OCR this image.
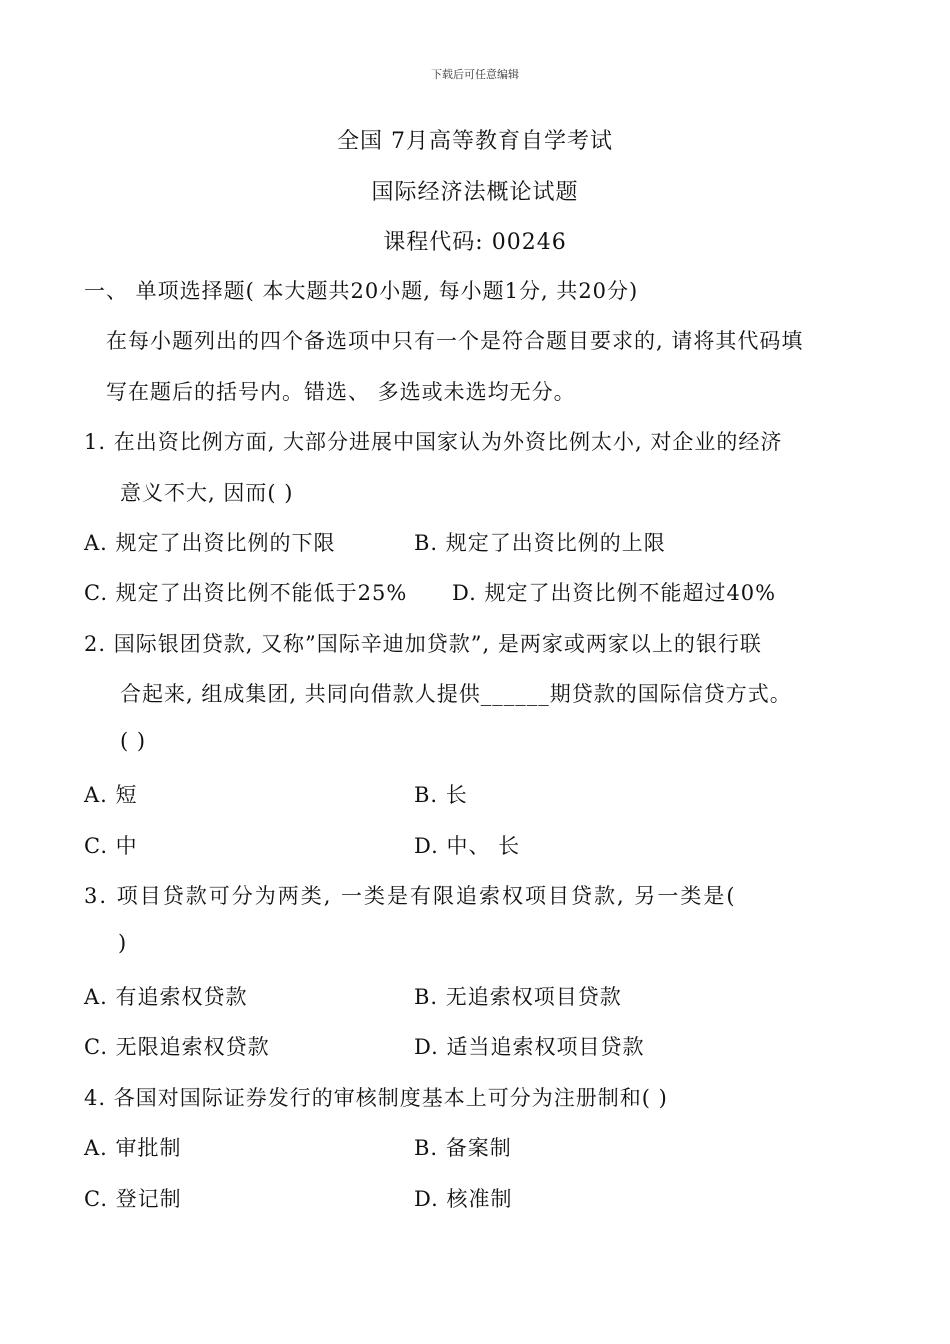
下载后可任意编辑
全国 7月高等教育自学考试
国际经济法概论试题
课程代码: 00246
一、 单项选择题( 本大题共20小题, 每小题1分, 共20分)
在每小题列出的四个备选项中只有一个是符合题目要求的, 请将其代码填
写在题后的括号内。错选、 多选或未选均无分。
1. 在出资比例方面, 大部分进展中国家认为外资比例太小, 对企业的经济
意义不大, 因而( )
A. 规定了出资比例的下限	B. 规定了出资比例的上限
C. 规定了出资比例不能低于25% D. 规定了出资比例不能超过40%
2. 国际银团贷款, 又称”国际辛迪加贷款”, 是两家或两家以上的银行联
合起来, 组成集团, 共同向借款人提供______期贷款的国际信贷方式。
( )
A. 短	B. 长
C. 中	D. 中、 长
3. 项目贷款可分为两类, 一类是有限追索权项目贷款, 另一类是(
)
A. 有追索权贷款	B. 无追索权项目贷款
C. 无限追索权贷款	D. 适当追索权项目贷款
4. 各国对国际证券发行的审核制度基本上可分为注册制和( )
A. 审批制	B. 备案制
C. 登记制	D. 核准制
